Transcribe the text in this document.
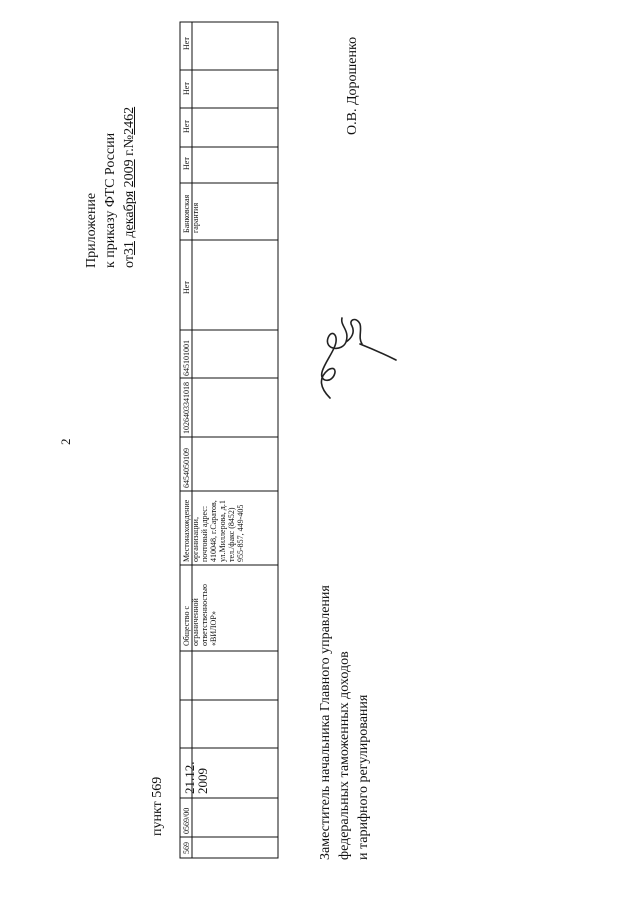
2
Приложение к приказу ФТС России от31 декабря 2009 г.№2462
пункт 569
569
0569/00
21.12.
2009
Общество с ограниченной ответственностью «ВИЛОР»
Местонахождение организации, почтовый адрес: 410048, г.Саратов, ул.Миллерова, д.1 тел./факс (8452) 955-857, 449-405
6454050109
1026403341018
645101001
Нет
Банковская гарантия
Нет
Нет
Нет
Нет
Заместитель начальника Главного управления федеральных таможенных доходов и тарифного регулирования
О.В. Дорошенко
